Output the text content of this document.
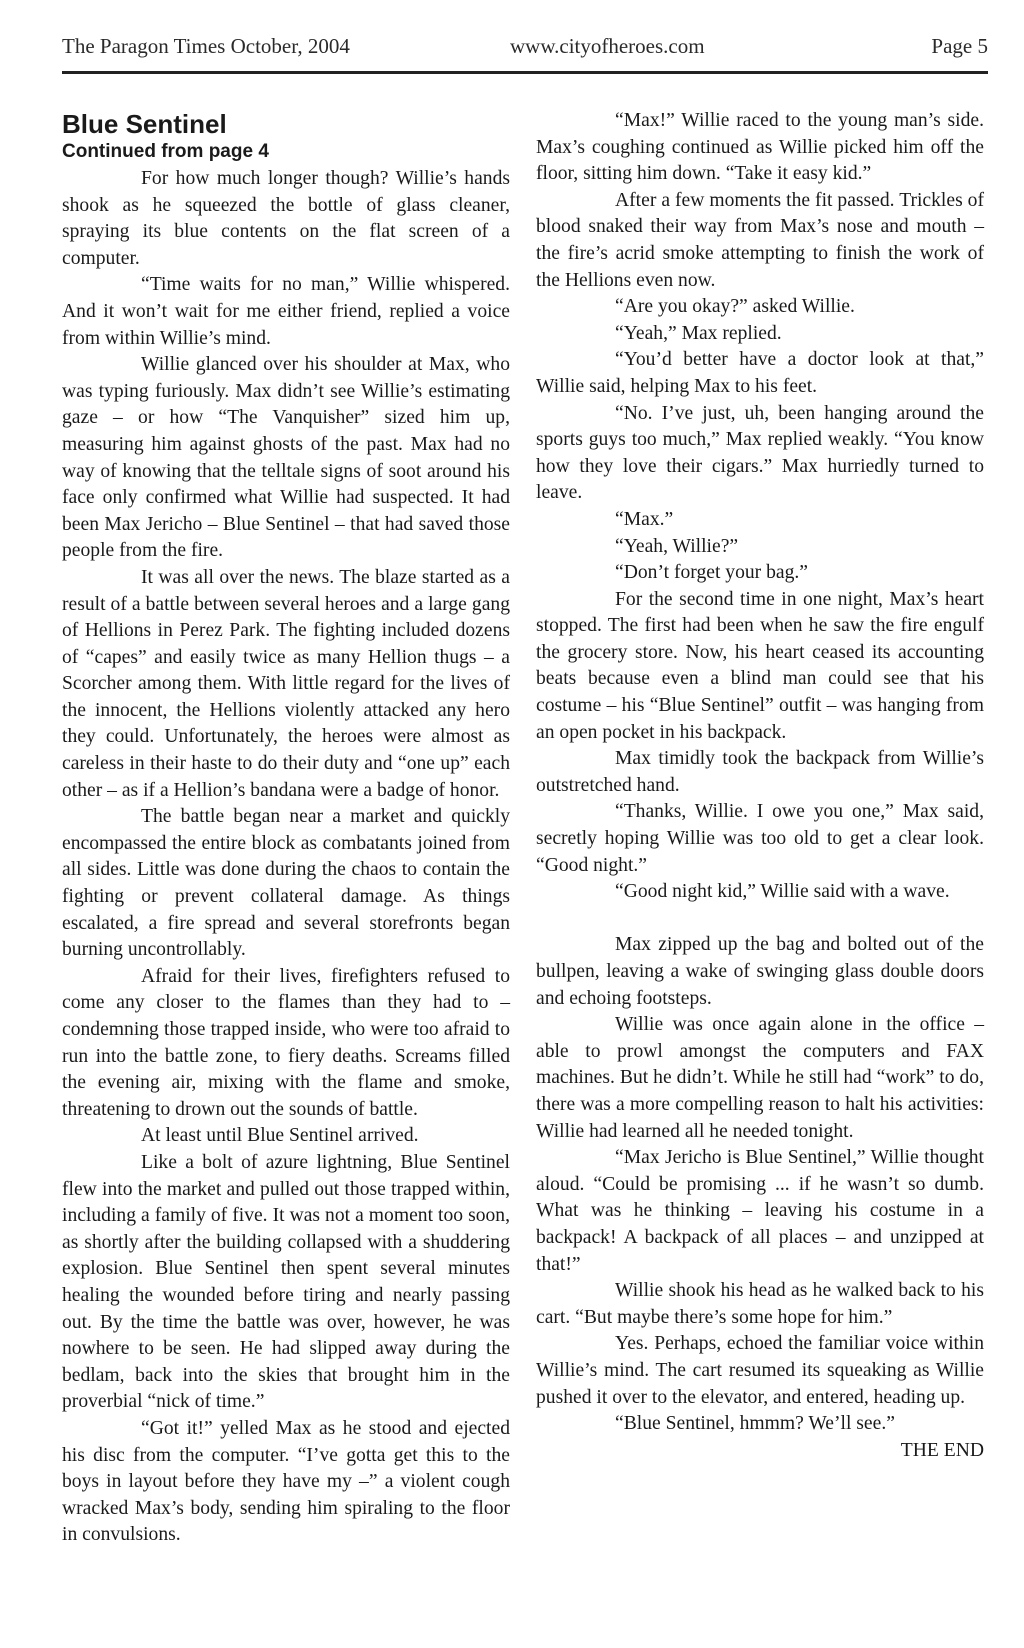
The Paragon Times October, 2004	www.cityofheroes.com	Page 5
Blue Sentinel
Continued from page 4

For how much longer though? Willie’s hands shook as he squeezed the bottle of glass cleaner, spraying its blue contents on the flat screen of a computer.

“Time waits for no man,” Willie whispered. And it won’t wait for me either friend, replied a voice from within Willie’s mind.

Willie glanced over his shoulder at Max, who was typing furiously. Max didn’t see Willie’s estimating gaze – or how “The Vanquisher” sized him up, measuring him against ghosts of the past. Max had no way of knowing that the telltale signs of soot around his face only confirmed what Willie had suspected. It had been Max Jericho – Blue Sentinel – that had saved those people from the fire.

It was all over the news. The blaze started as a result of a battle between several heroes and a large gang of Hellions in Perez Park. The fighting included dozens of “capes” and easily twice as many Hellion thugs – a Scorcher among them. With little regard for the lives of the innocent, the Hellions violently attacked any hero they could. Unfortunately, the heroes were almost as careless in their haste to do their duty and “one up” each other – as if a Hellion’s bandana were a badge of honor.

The battle began near a market and quickly encompassed the entire block as combatants joined from all sides. Little was done during the chaos to contain the fighting or prevent collateral damage. As things escalated, a fire spread and several storefronts began burning uncontrollably.

Afraid for their lives, firefighters refused to come any closer to the flames than they had to – condemning those trapped inside, who were too afraid to run into the battle zone, to fiery deaths. Screams filled the evening air, mixing with the flame and smoke, threatening to drown out the sounds of battle.

At least until Blue Sentinel arrived.

Like a bolt of azure lightning, Blue Sentinel flew into the market and pulled out those trapped within, including a family of five. It was not a moment too soon, as shortly after the building collapsed with a shuddering explosion. Blue Sentinel then spent several minutes healing the wounded before tiring and nearly passing out. By the time the battle was over, however, he was nowhere to be seen. He had slipped away during the bedlam, back into the skies that brought him in the proverbial “nick of time.”

“Got it!” yelled Max as he stood and ejected his disc from the computer. “I’ve gotta get this to the boys in layout before they have my –” a violent cough wracked Max’s body, sending him spiraling to the floor in convulsions.

“Max!” Willie raced to the young man’s side. Max’s coughing continued as Willie picked him off the floor, sitting him down. “Take it easy kid.”

After a few moments the fit passed. Trickles of blood snaked their way from Max’s nose and mouth – the fire’s acrid smoke attempting to finish the work of the Hellions even now.

“Are you okay?” asked Willie.

“Yeah,” Max replied.

“You’d better have a doctor look at that,” Willie said, helping Max to his feet.

“No. I’ve just, uh, been hanging around the sports guys too much,” Max replied weakly. “You know how they love their cigars.” Max hurriedly turned to leave.

“Max.”

“Yeah, Willie?”

“Don’t forget your bag.”

For the second time in one night, Max’s heart stopped. The first had been when he saw the fire engulf the grocery store. Now, his heart ceased its accounting beats because even a blind man could see that his costume – his “Blue Sentinel” outfit – was hanging from an open pocket in his backpack.

Max timidly took the backpack from Willie’s outstretched hand.

“Thanks, Willie. I owe you one,” Max said, secretly hoping Willie was too old to get a clear look. “Good night.”

“Good night kid,” Willie said with a wave.

Max zipped up the bag and bolted out of the bullpen, leaving a wake of swinging glass double doors and echoing footsteps.

Willie was once again alone in the office – able to prowl amongst the computers and FAX machines. But he didn’t. While he still had “work” to do, there was a more compelling reason to halt his activities: Willie had learned all he needed tonight.

“Max Jericho is Blue Sentinel,” Willie thought aloud. “Could be promising ... if he wasn’t so dumb. What was he thinking – leaving his costume in a backpack! A backpack of all places – and unzipped at that!”

Willie shook his head as he walked back to his cart. “But maybe there’s some hope for him.”

Yes. Perhaps, echoed the familiar voice within Willie’s mind. The cart resumed its squeaking as Willie pushed it over to the elevator, and entered, heading up.

“Blue Sentinel, hmmm? We’ll see.”

THE END
